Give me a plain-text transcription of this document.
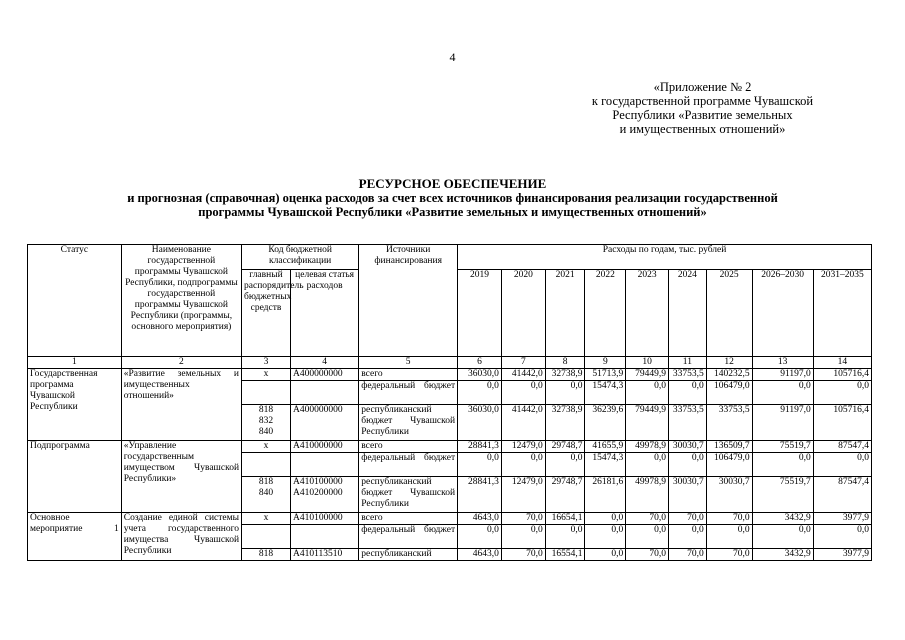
4
«Приложение № 2
к государственной программе Чувашской
Республики «Развитие земельных
и имущественных отношений»
РЕСУРСНОЕ ОБЕСПЕЧЕНИЕ
и прогнозная (справочная) оценка расходов за счет всех источников финансирования реализации государственной
программы Чувашской Республики «Развитие земельных и имущественных отношений»
Статус	Наименование государственной программы Чувашской Республики, подпрограммы государственной программы Чувашской Республики (программы, основного мероприятия)	Код бюджетной классификации		Источники финансирования	Расходы по годам, тыс. рублей								
		главный распорядитель бюджетных средств	целевая статья расходов		2019	2020	2021	2022	2023	2024	2025	2026–2030	2031–2035
1	2	3	4	5	6	7	8	9	10	11	12	13	14
Государственная программа Чувашской Республики	«Развитие земельных и имущественных отношений»	x	А400000000	всего	36030,0	41442,0	32738,9	51713,9	79449,9	33753,5	140232,5	91197,0	105716,4
				федеральный бюджет	0,0	0,0	0,0	15474,3	0,0	0,0	106479,0	0,0	0,0
		818
832
840	А400000000	республиканский бюджет Чувашской Республики	36030,0	41442,0	32738,9	36239,6	79449,9	33753,5	33753,5	91197,0	105716,4
Подпрограмма	«Управление государственным имуществом Чувашской Республики»	x	А410000000	всего	28841,3	12479,0	29748,7	41655,9	49978,9	30030,7	136509,7	75519,7	87547,4
				федеральный бюджет	0,0	0,0	0,0	15474,3	0,0	0,0	106479,0	0,0	0,0
		818
840	А410100000
А410200000	республиканский бюджет Чувашской Республики	28841,3	12479,0	29748,7	26181,6	49978,9	30030,7	30030,7	75519,7	87547,4
Основное мероприятие 1	Создание единой системы учета государственного имущества Чувашской Республики	x	А410100000	всего	4643,0	70,0	16654,1	0,0	70,0	70,0	70,0	3432,9	3977,9
				федеральный бюджет	0,0	0,0	0,0	0,0	0,0	0,0	0,0	0,0	0,0
		818	А410113510	республиканский	4643,0	70,0	16554,1	0,0	70,0	70,0	70,0	3432,9	3977,9
